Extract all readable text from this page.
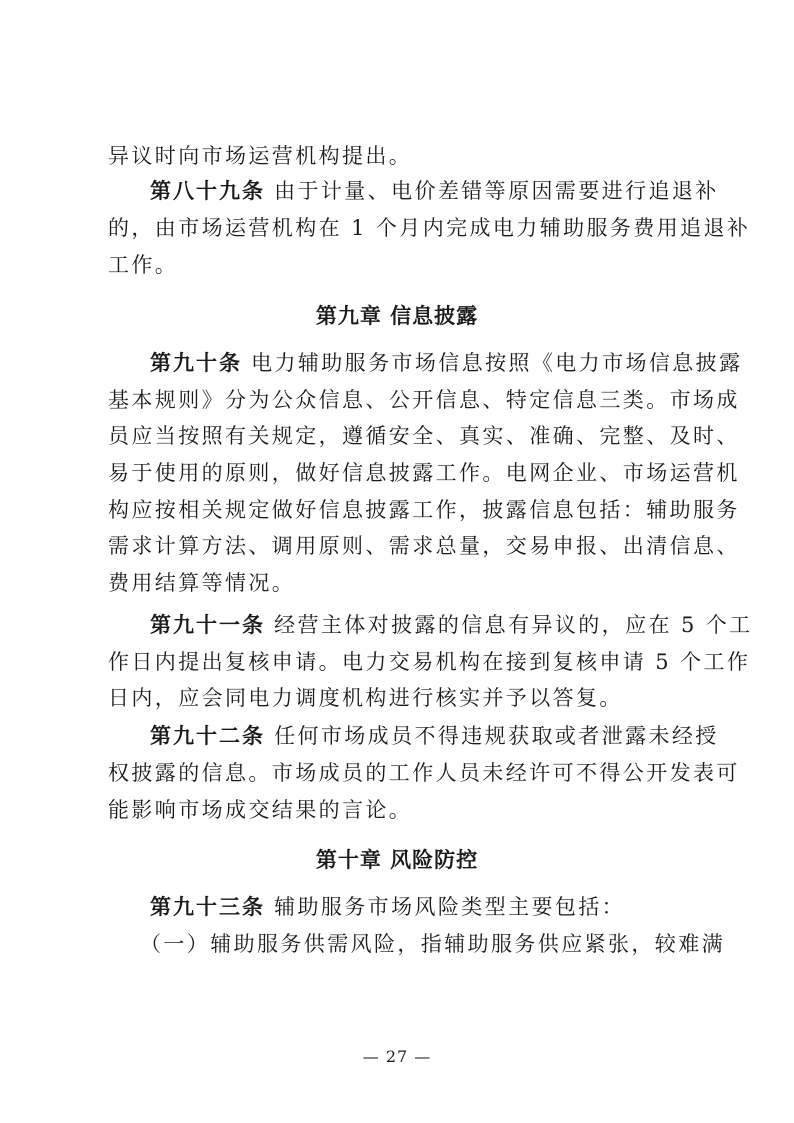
异议时向市场运营机构提出。
第八十九条 由于计量、电价差错等原因需要进行追退补
的，由市场运营机构在 1 个月内完成电力辅助服务费用追退补
工作。
第九章 信息披露
第九十条 电力辅助服务市场信息按照《电力市场信息披露
基本规则》分为公众信息、公开信息、特定信息三类。市场成
员应当按照有关规定，遵循安全、真实、准确、完整、及时、
易于使用的原则，做好信息披露工作。电网企业、市场运营机
构应按相关规定做好信息披露工作，披露信息包括：辅助服务
需求计算方法、调用原则、需求总量，交易申报、出清信息、
费用结算等情况。
第九十一条 经营主体对披露的信息有异议的，应在 5 个工
作日内提出复核申请。电力交易机构在接到复核申请 5 个工作
日内，应会同电力调度机构进行核实并予以答复。
第九十二条 任何市场成员不得违规获取或者泄露未经授
权披露的信息。市场成员的工作人员未经许可不得公开发表可
能影响市场成交结果的言论。
第十章 风险防控
第九十三条 辅助服务市场风险类型主要包括：
（一）辅助服务供需风险，指辅助服务供应紧张，较难满
— 27 —
